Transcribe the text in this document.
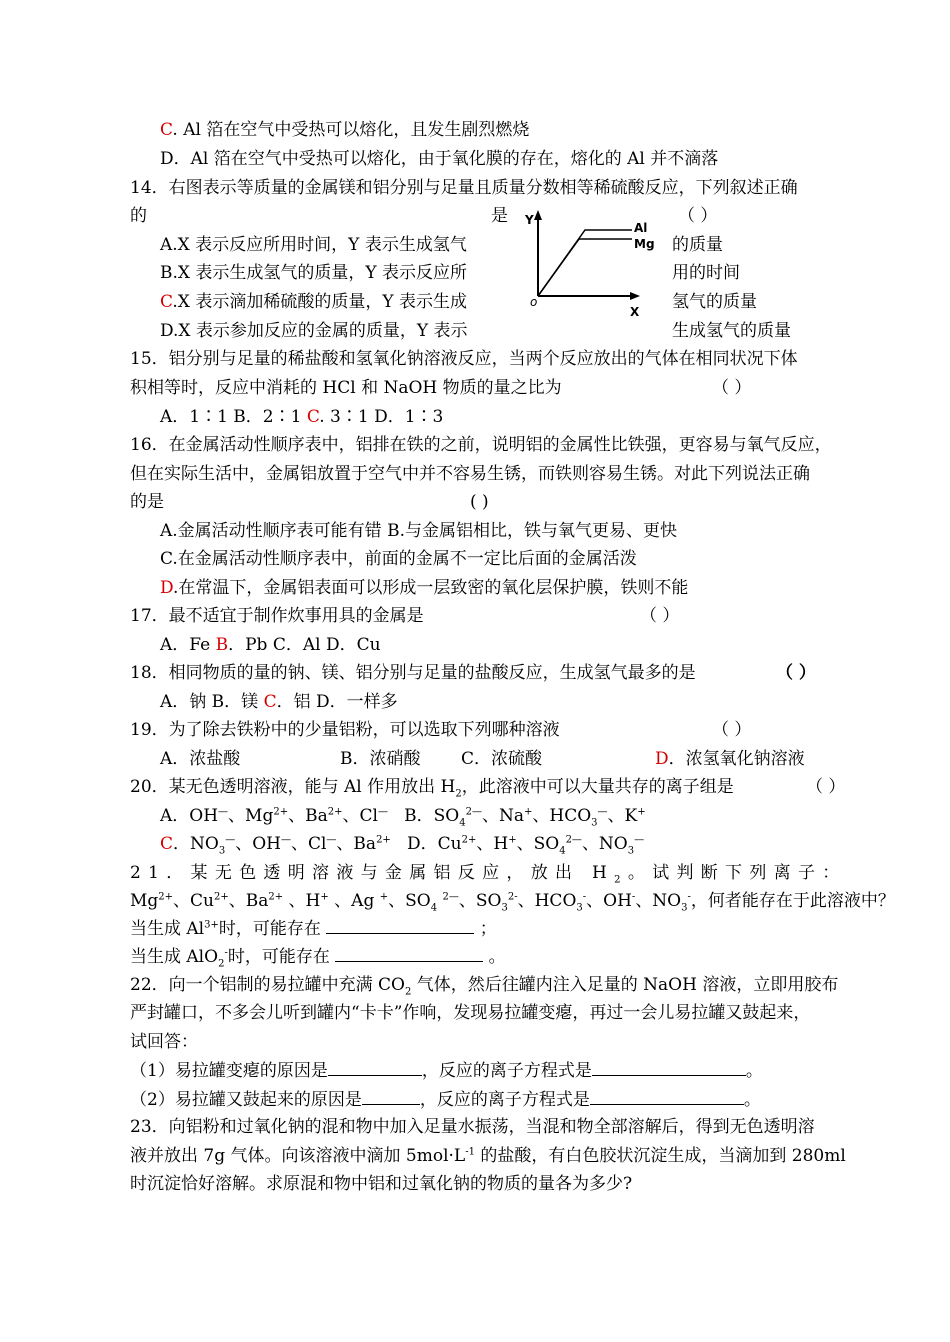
C. Al 箔在空气中受热可以熔化，且发生剧烈燃烧
D．Al 箔在空气中受热可以熔化，由于氧化膜的存在，熔化的 Al 并不滴落
14．右图表示等质量的金属镁和铝分别与足量且质量分数相等稀硫酸反应，下列叙述正确
的	是	（ ）
A.X 表示反应所用时间，Y 表示生成氢气	的质量
B.X 表示生成氢气的质量，Y 表示反应所	用的时间
C.X 表示滴加稀硫酸的质量，Y 表示生成	氢气的质量
D.X 表示参加反应的金属的质量，Y 表示	生成氢气的质量
Y
X
o
Al
Mg
15．铝分别与足量的稀盐酸和氢氧化钠溶液反应，当两个反应放出的气体在相同状况下体
积相等时，反应中消耗的 HCl 和 NaOH 物质的量之比为	（ ）
A．1∶1 B．2∶1 C. 3∶1 D．1∶3
16．在金属活动性顺序表中，铝排在铁的之前，说明铝的金属性比铁强，更容易与氧气反应，
但在实际生活中，金属铝放置于空气中并不容易生锈，而铁则容易生锈。对此下列说法正确
的是	( )
A.金属活动性顺序表可能有错 B.与金属铝相比，铁与氧气更易、更快
C.在金属活动性顺序表中，前面的金属不一定比后面的金属活泼
D.在常温下，金属铝表面可以形成一层致密的氧化层保护膜，铁则不能
17．最不适宜于制作炊事用具的金属是	（ ）
A．Fe B．Pb C．Al D．Cu
18．相同物质的量的钠、镁、铝分别与足量的盐酸反应，生成氢气最多的是	（ ）
A．钠 B．镁 C．铝 D．一样多
19．为了除去铁粉中的少量铝粉，可以选取下列哪种溶液	（ ）
A．浓盐酸	B．浓硝酸 C．浓硫酸	D．浓氢氧化钠溶液
20．某无色透明溶液，能与 Al 作用放出 $H_2$，此溶液中可以大量共存的离子组是	（ ）
A．OH—、$Mg^{2+}$、$Ba^{2+}$、Cl—   B．$SO_4^{2—}$、Na+、$HCO_3^—$、K+
C．$NO_3^—$、OH—、Cl—、$Ba^{2+}$   D．$Cu^{2+}$、H+、$SO_4^{2—}$、$NO_3^—$
21．某无色透明溶液与金属铝反应，放出 $H_2$。试判断下列离子：
$Mg^{2+}$、$Cu^{2+}$、$Ba^{2+}$ 、H+ 、Ag +、$SO_4$ $^{2—}$、$SO_3^{2-}$、$HCO_3^-$、OH-、$NO_3^-$，何者能存在于此溶液中？
当生成 $Al^{3+}$时，可能存在	；
当生成 AlO$_2$-时，可能存在	。
22．向一个铝制的易拉罐中充满 $CO_2$ 气体，然后往罐内注入足量的 NaOH 溶液，立即用胶布
严封罐口，不多会儿听到罐内“卡卡”作响，发现易拉罐变瘪，再过一会儿易拉罐又鼓起来，
试回答：
（1）易拉罐变瘪的原因是	，反应的离子方程式是	。
（2）易拉罐又鼓起来的原因是	，反应的离子方程式是	。
23．向铝粉和过氧化钠的混和物中加入足量水振荡，当混和物全部溶解后，得到无色透明溶
液并放出 7g 气体。向该溶液中滴加 $5mol\cdot L^{-1}$ 的盐酸，有白色胶状沉淀生成，当滴加到 280ml
时沉淀恰好溶解。求原混和物中铝和过氧化钠的物质的量各为多少?
